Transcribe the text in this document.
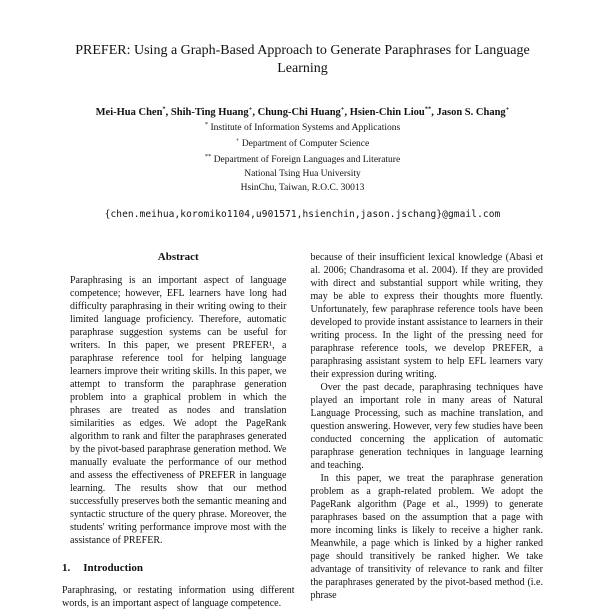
PREFER: Using a Graph-Based Approach to Generate Paraphrases for Language Learning
Mei-Hua Chen*, Shih-Ting Huang+, Chung-Chi Huang+, Hsien-Chin Liou**, Jason S. Chang+
* Institute of Information Systems and Applications
+ Department of Computer Science
** Department of Foreign Languages and Literature
National Tsing Hua University
HsinChu, Taiwan, R.O.C. 30013
{chen.meihua,koromiko1104,u901571,hsienchin,jason.jschang}@gmail.com
Abstract
Paraphrasing is an important aspect of language competence; however, EFL learners have long had difficulty paraphrasing in their writing owing to their limited language proficiency. Therefore, automatic paraphrase suggestion systems can be useful for writers. In this paper, we present PREFER¹, a paraphrase reference tool for helping language learners improve their writing skills. In this paper, we attempt to transform the paraphrase generation problem into a graphical problem in which the phrases are treated as nodes and translation similarities as edges. We adopt the PageRank algorithm to rank and filter the paraphrases generated by the pivot-based paraphrase generation method. We manually evaluate the performance of our method and assess the effectiveness of PREFER in language learning. The results show that our method successfully preserves both the semantic meaning and syntactic structure of the query phrase. Moreover, the students' writing performance improve most with the assistance of PREFER.
1. Introduction

Paraphrasing, or restating information using different words, is an important aspect of language competence.

because of their insufficient lexical knowledge (Abasi et al. 2006; Chandrasoma et al. 2004). If they are provided with direct and substantial support while writing, they may be able to express their thoughts more fluently. Unfortunately, few paraphrase reference tools have been developed to provide instant assistance to learners in their writing process. In the light of the pressing need for paraphrase reference tools, we develop PREFER, a paraphrasing assistant system to help EFL learners vary their expression during writing.

Over the past decade, paraphrasing techniques have played an important role in many areas of Natural Language Processing, such as machine translation, and question answering. However, very few studies have been conducted concerning the application of automatic paraphrase generation techniques in language learning and teaching.

In this paper, we treat the paraphrase generation problem as a graph-related problem. We adopt the PageRank algorithm (Page et al., 1999) to generate paraphrases based on the assumption that a page with more incoming links is likely to receive a higher rank. Meanwhile, a page which is linked by a higher ranked page should transitively be ranked higher. We take advantage of transitivity of relevance to rank and filter the paraphrases generated by the pivot-based method (i.e. phrase
